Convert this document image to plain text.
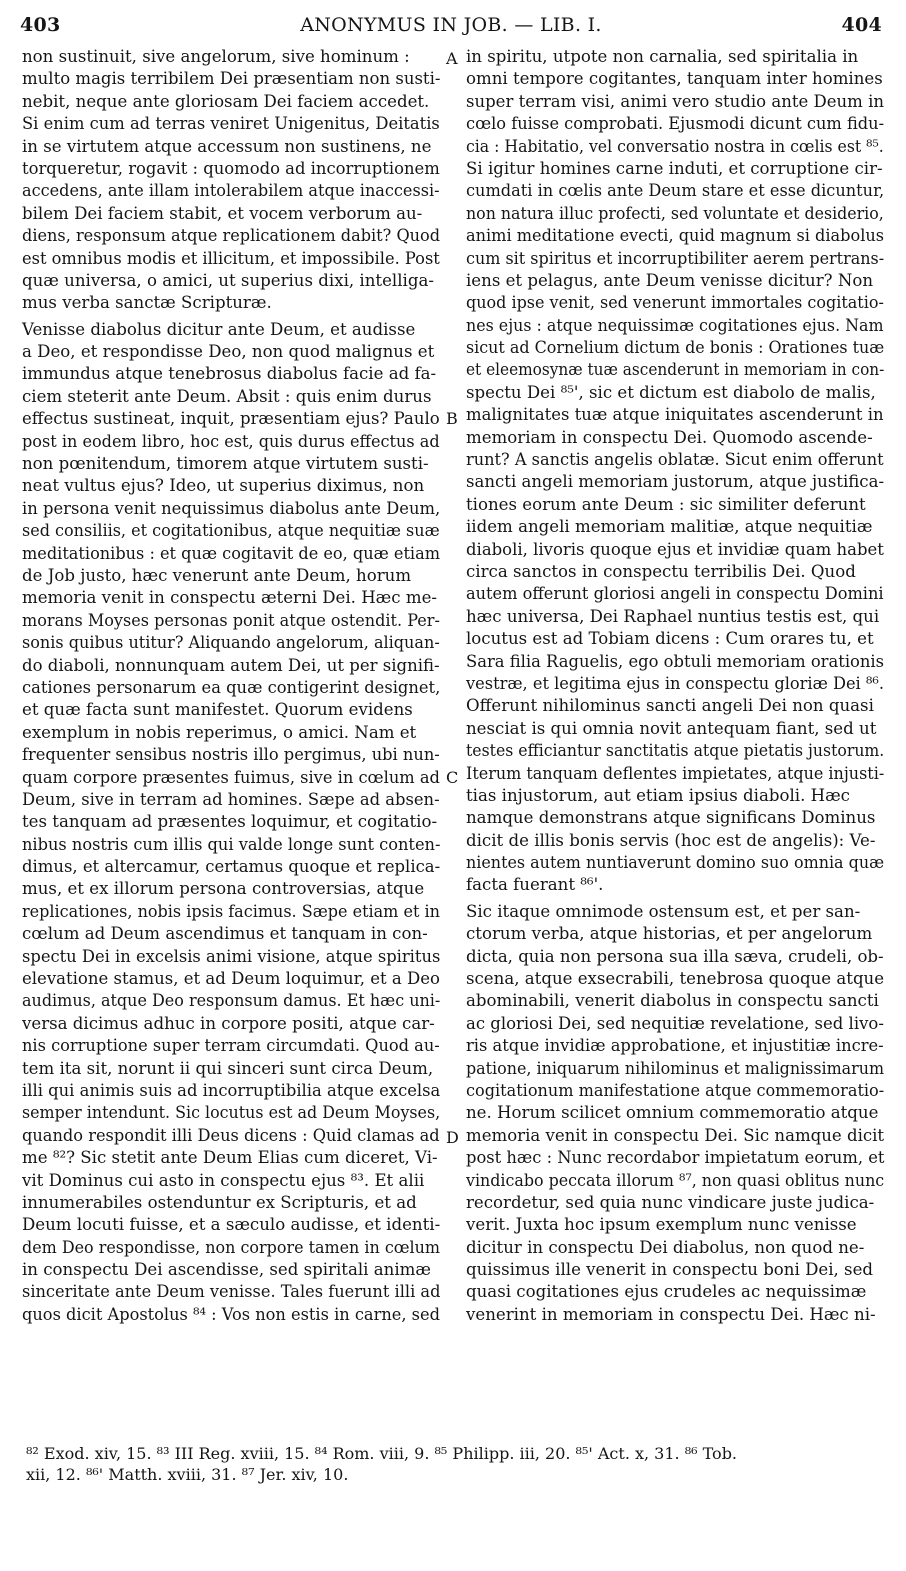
403	ANONYMUS IN JOB. — LIB. I.	404
non sustinuit, sive angelorum, sive hominum :
multo magis terribilem Dei præsentiam non susti-
nebit, neque ante gloriosam Dei faciem accedet.
Si enim cum ad terras veniret Unigenitus, Deitatis
in se virtutem atque accessum non sustinens, ne
torqueretur, rogavit : quomodo ad incorruptionem
accedens, ante illam intolerabilem atque inaccessi-
bilem Dei faciem stabit, et vocem verborum au-
diens, responsum atque replicationem dabit? Quod
est omnibus modis et illicitum, et impossibile. Post
quæ universa, o amici, ut superius dixi, intelliga-
mus verba sanctæ Scripturæ.
Venisse diabolus dicitur ante Deum, et audisse
a Deo, et respondisse Deo, non quod malignus et
immundus atque tenebrosus diabolus facie ad fa-
ciem steterit ante Deum. Absit : quis enim durus
effectus sustineat, inquit, præsentiam ejus? Paulo
post in eodem libro, hoc est, quis durus effectus ad
non pœnitendum, timorem atque virtutem susti-
neat vultus ejus? Ideo, ut superius diximus, non
in persona venit nequissimus diabolus ante Deum,
sed consiliis, et cogitationibus, atque nequitiæ suæ
meditationibus : et quæ cogitavit de eo, quæ etiam
de Job justo, hæc venerunt ante Deum, horum
memoria venit in conspectu æterni Dei. Hæc me-
morans Moyses personas ponit atque ostendit. Per-
sonis quibus utitur? Aliquando angelorum, aliquan-
do diaboli, nonnunquam autem Dei, ut per signifi-
cationes personarum ea quæ contigerint designet,
et quæ facta sunt manifestet. Quorum evidens
exemplum in nobis reperimus, o amici. Nam et
frequenter sensibus nostris illo pergimus, ubi nun-
quam corpore præsentes fuimus, sive in cœlum ad
Deum, sive in terram ad homines. Sæpe ad absen-
tes tanquam ad præsentes loquimur, et cogitatio-
nibus nostris cum illis qui valde longe sunt conten-
dimus, et altercamur, certamus quoque et replica-
mus, et ex illorum persona controversias, atque
replicationes, nobis ipsis facimus. Sæpe etiam et in
cœlum ad Deum ascendimus et tanquam in con-
spectu Dei in excelsis animi visione, atque spiritus
elevatione stamus, et ad Deum loquimur, et a Deo
audimus, atque Deo responsum damus. Et hæc uni-
versa dicimus adhuc in corpore positi, atque car-
nis corruptione super terram circumdati. Quod au-
tem ita sit, norunt ii qui sinceri sunt circa Deum,
illi qui animis suis ad incorruptibilia atque excelsa
semper intendunt. Sic locutus est ad Deum Moyses,
quando respondit illi Deus dicens : Quid clamas ad
me ⁸²? Sic stetit ante Deum Elias cum diceret, Vi-
vit Dominus cui asto in conspectu ejus ⁸³. Et alii
innumerabiles ostenduntur ex Scripturis, et ad
Deum locuti fuisse, et a sæculo audisse, et identi-
dem Deo respondisse, non corpore tamen in cœlum
in conspectu Dei ascendisse, sed spiritali animæ
sinceritate ante Deum venisse. Tales fuerunt illi ad
quos dicit Apostolus ⁸⁴ : Vos non estis in carne, sed
in spiritu, utpote non carnalia, sed spiritalia in
omni tempore cogitantes, tanquam inter homines
super terram visi, animi vero studio ante Deum in
cœlo fuisse comprobati. Ejusmodi dicunt cum fidu-
cia : Habitatio, vel conversatio nostra in cœlis est ⁸⁵.
Si igitur homines carne induti, et corruptione cir-
cumdati in cœlis ante Deum stare et esse dicuntur,
non natura illuc profecti, sed voluntate et desiderio,
animi meditatione evecti, quid magnum si diabolus
cum sit spiritus et incorruptibiliter aerem pertrans-
iens et pelagus, ante Deum venisse dicitur? Non
quod ipse venit, sed venerunt immortales cogitatio-
nes ejus : atque nequissimæ cogitationes ejus. Nam
sicut ad Cornelium dictum de bonis : Orationes tuæ
et eleemosynæ tuæ ascenderunt in memoriam in con-
spectu Dei ⁸⁵', sic et dictum est diabolo de malis,
malignitates tuæ atque iniquitates ascenderunt in
memoriam in conspectu Dei. Quomodo ascende-
runt? A sanctis angelis oblatæ. Sicut enim offerunt
sancti angeli memoriam justorum, atque justifica-
tiones eorum ante Deum : sic similiter deferunt
iidem angeli memoriam malitiæ, atque nequitiæ
diaboli, livoris quoque ejus et invidiæ quam habet
circa sanctos in conspectu terribilis Dei. Quod
autem offerunt gloriosi angeli in conspectu Domini
hæc universa, Dei Raphael nuntius testis est, qui
locutus est ad Tobiam dicens : Cum orares tu, et
Sara filia Raguelis, ego obtuli memoriam orationis
vestræ, et legitima ejus in conspectu gloriæ Dei ⁸⁶.
Offerunt nihilominus sancti angeli Dei non quasi
nesciat is qui omnia novit antequam fiant, sed ut
testes efficiantur sanctitatis atque pietatis justorum.
Iterum tanquam deflentes impietates, atque injusti-
tias injustorum, aut etiam ipsius diaboli. Hæc
namque demonstrans atque significans Dominus
dicit de illis bonis servis (hoc est de angelis): Ve-
nientes autem nuntiaverunt domino suo omnia quæ
facta fuerant ⁸⁶'.
Sic itaque omnimode ostensum est, et per san-
ctorum verba, atque historias, et per angelorum
dicta, quia non persona sua illa sæva, crudeli, ob-
scena, atque exsecrabili, tenebrosa quoque atque
abominabili, venerit diabolus in conspectu sancti
ac gloriosi Dei, sed nequitiæ revelatione, sed livo-
ris atque invidiæ approbatione, et injustitiæ incre-
patione, iniquarum nihilominus et malignissimarum
cogitationum manifestatione atque commemoratio-
ne. Horum scilicet omnium commemoratio atque
memoria venit in conspectu Dei. Sic namque dicit
post hæc : Nunc recordabor impietatum eorum, et
vindicabo peccata illorum ⁸⁷, non quasi oblitus nunc
recordetur, sed quia nunc vindicare juste judica-
verit. Juxta hoc ipsum exemplum nunc venisse
dicitur in conspectu Dei diabolus, non quod ne-
quissimus ille venerit in conspectu boni Dei, sed
quasi cogitationes ejus crudeles ac nequissimæ
venerint in memoriam in conspectu Dei. Hæc ni-
A
B
C
D
⁸² Exod. xiv, 15. ⁸³ III Reg. xviii, 15. ⁸⁴ Rom. viii, 9. ⁸⁵ Philipp. iii, 20. ⁸⁵' Act. x, 31. ⁸⁶ Tob.
xii, 12. ⁸⁶' Matth. xviii, 31. ⁸⁷ Jer. xiv, 10.
